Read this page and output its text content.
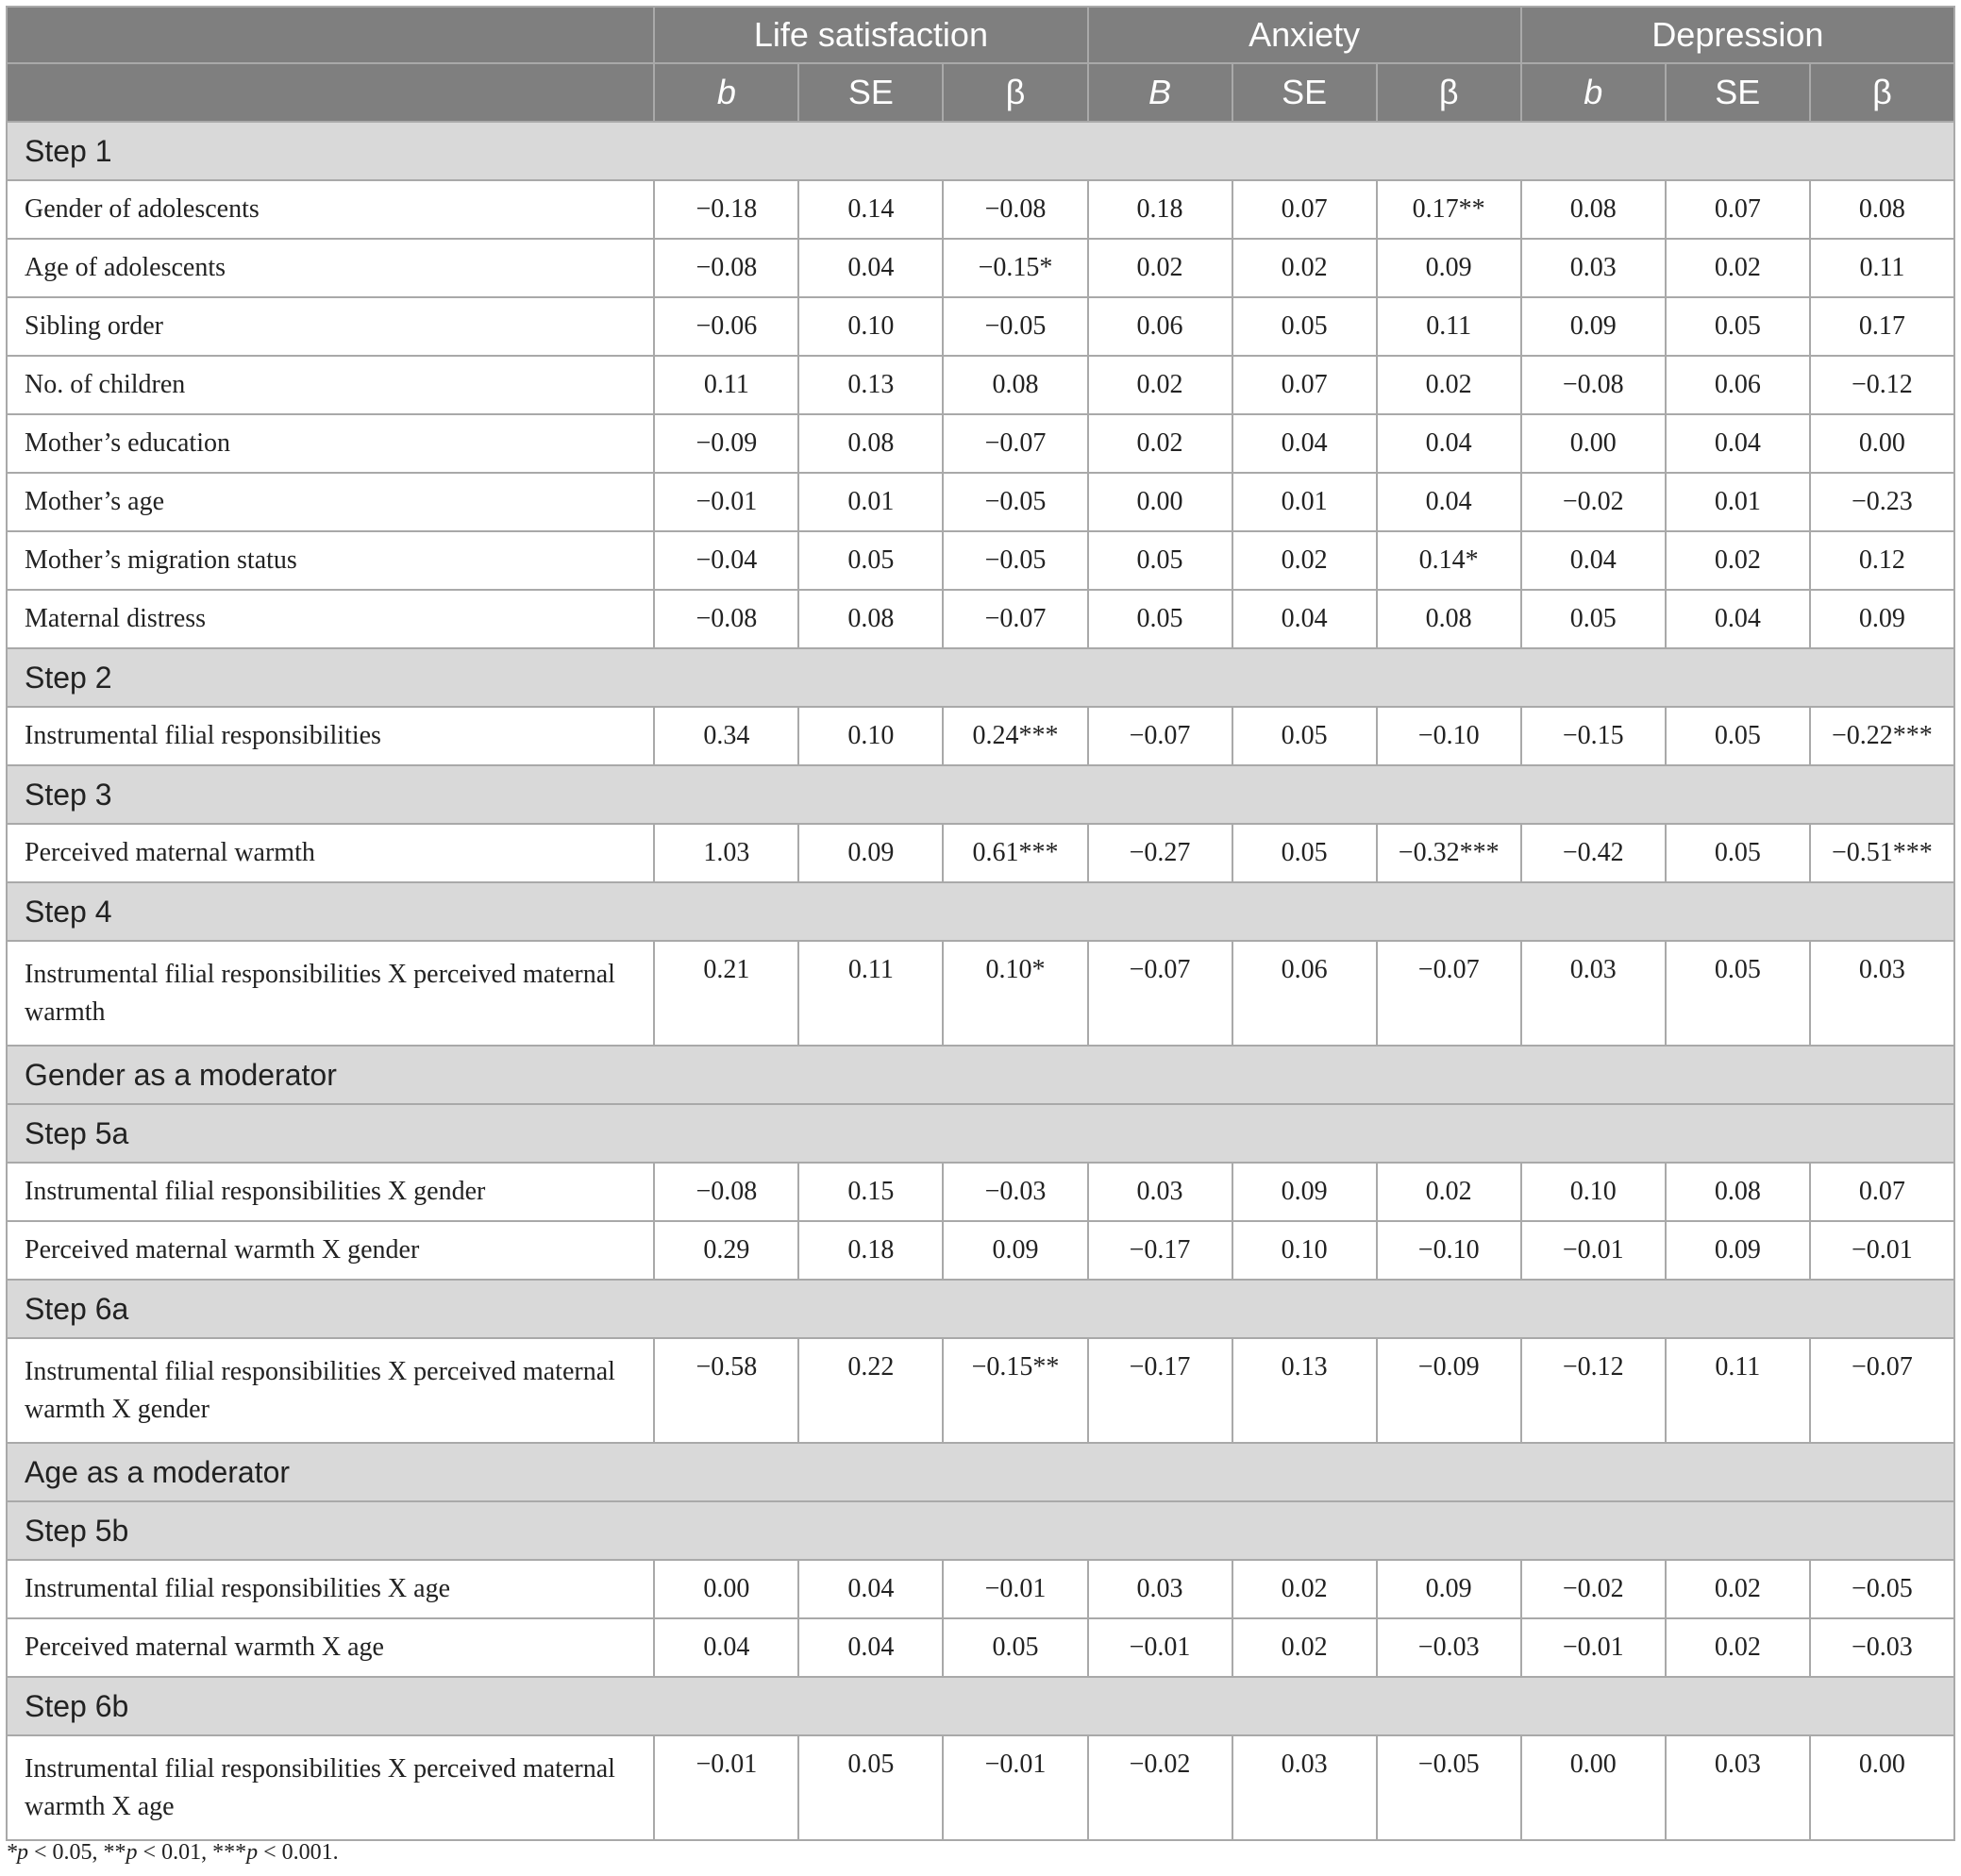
	Life satisfaction			Anxiety			Depression		
	b	SE	β	B	SE	β	b	SE	β
Step 1									
Gender of adolescents	−0.18	0.14	−0.08	0.18	0.07	0.17**	0.08	0.07	0.08
Age of adolescents	−0.08	0.04	−0.15*	0.02	0.02	0.09	0.03	0.02	0.11
Sibling order	−0.06	0.10	−0.05	0.06	0.05	0.11	0.09	0.05	0.17
No. of children	0.11	0.13	0.08	0.02	0.07	0.02	−0.08	0.06	−0.12
Mother’s education	−0.09	0.08	−0.07	0.02	0.04	0.04	0.00	0.04	0.00
Mother’s age	−0.01	0.01	−0.05	0.00	0.01	0.04	−0.02	0.01	−0.23
Mother’s migration status	−0.04	0.05	−0.05	0.05	0.02	0.14*	0.04	0.02	0.12
Maternal distress	−0.08	0.08	−0.07	0.05	0.04	0.08	0.05	0.04	0.09
Step 2									
Instrumental filial responsibilities	0.34	0.10	0.24***	−0.07	0.05	−0.10	−0.15	0.05	−0.22***
Step 3									
Perceived maternal warmth	1.03	0.09	0.61***	−0.27	0.05	−0.32***	−0.42	0.05	−0.51***
Step 4									
Instrumental filial responsibilities X perceived maternal warmth	0.21	0.11	0.10*	−0.07	0.06	−0.07	0.03	0.05	0.03
Gender as a moderator									
Step 5a									
Instrumental filial responsibilities X gender	−0.08	0.15	−0.03	0.03	0.09	0.02	0.10	0.08	0.07
Perceived maternal warmth X gender	0.29	0.18	0.09	−0.17	0.10	−0.10	−0.01	0.09	−0.01
Step 6a									
Instrumental filial responsibilities X perceived maternal warmth X gender	−0.58	0.22	−0.15**	−0.17	0.13	−0.09	−0.12	0.11	−0.07
Age as a moderator									
Step 5b									
Instrumental filial responsibilities X age	0.00	0.04	−0.01	0.03	0.02	0.09	−0.02	0.02	−0.05
Perceived maternal warmth X age	0.04	0.04	0.05	−0.01	0.02	−0.03	−0.01	0.02	−0.03
Step 6b									
Instrumental filial responsibilities X perceived maternal warmth X age	−0.01	0.05	−0.01	−0.02	0.03	−0.05	0.00	0.03	0.00
*p < 0.05, **p < 0.01, ***p < 0.001.
